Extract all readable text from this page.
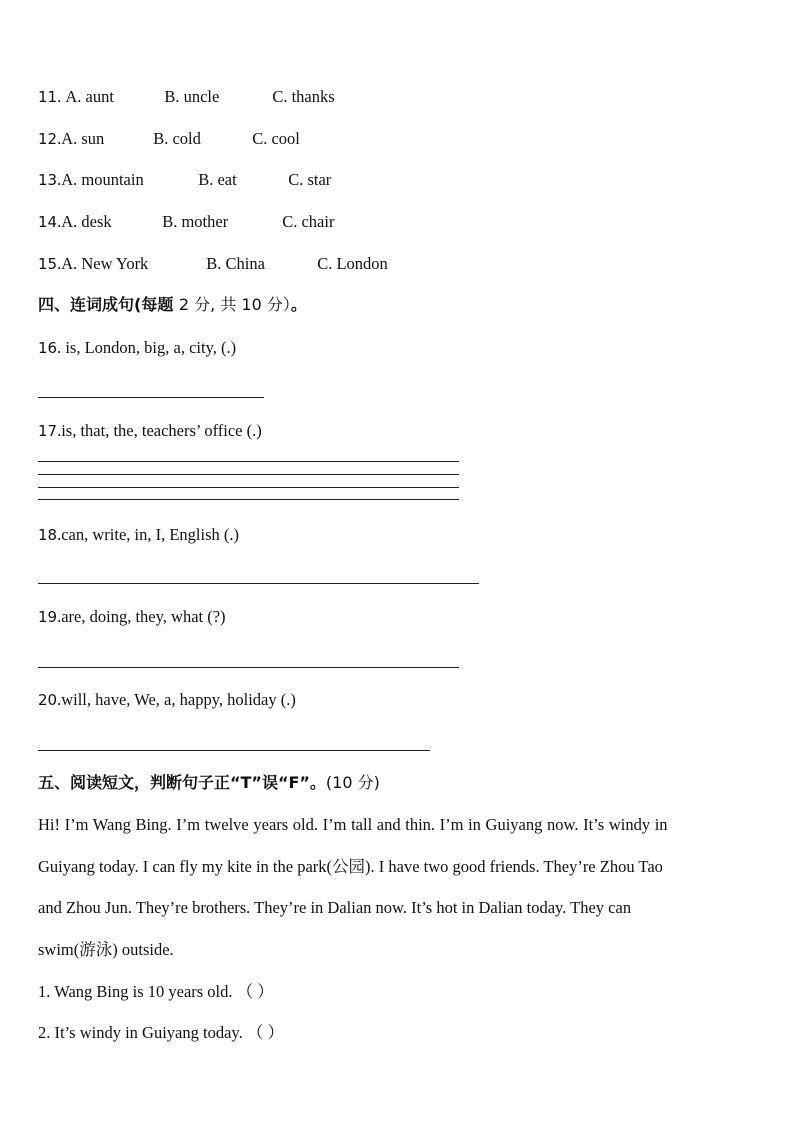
11. A. aunt	B. uncle	C. thanks
12.A. sun	B. cold	C. cool
13.A. mountain	B. eat	C. star
14.A. desk	B. mother	C. chair
15.A. New York	B. China	C. London
四、连词成句(每题 2 分, 共 10 分）。
16. is, London, big, a, city, (.)
17.is, that, the, teachers’ office (.)
18.can, write, in, I, English (.)
19.are, doing, they, what (?)
20.will, have, We, a, happy, holiday (.)
五、阅读短文，判断句子正“T”误“F”。(10 分)
Hi! I’m Wang Bing. I’m twelve years old. I’m tall and thin. I’m in Guiyang now. It’s windy in
Guiyang today. I can fly my kite in the park(公园). I have two good friends. They’re Zhou Tao
and Zhou Jun. They’re brothers. They’re in Dalian now. It’s hot in Dalian today. They can
swim(游泳) outside.
1. Wang Bing is 10 years old. （ ）
2. It’s windy in Guiyang today. （ ）
